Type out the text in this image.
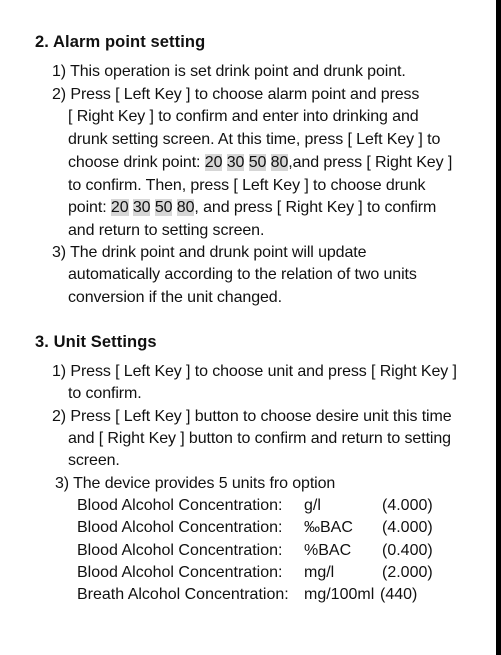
2. Alarm point setting
1) This operation is set drink point and drunk point.
2) Press [ Left Key ] to choose alarm point and press
[ Right Key ] to confirm and enter into drinking and
drunk setting screen. At this time, press [ Left Key ] to
choose drink point: 20 30 50 80,and press [ Right Key ]
to confirm. Then, press [ Left Key ] to choose drunk
point: 20 30 50 80, and press [ Right Key ] to confirm
and return to setting screen.
3) The drink point and drunk point will update
automatically according to the relation of two units
conversion if the unit changed.
3. Unit Settings
1) Press [ Left Key ] to choose unit and press [ Right Key ]
to confirm.
2) Press [ Left Key ] button to choose desire unit this time
and [ Right Key ] button to confirm and return to setting
screen.
3) The device provides 5 units fro option
Blood Alcohol Concentration: g/l	(4.000)
Blood Alcohol Concentration: ‰BAC (4.000)
Blood Alcohol Concentration: %BAC (0.400)
Blood Alcohol Concentration: mg/l	(2.000)
Breath Alcohol Concentration: mg/100ml (440)
